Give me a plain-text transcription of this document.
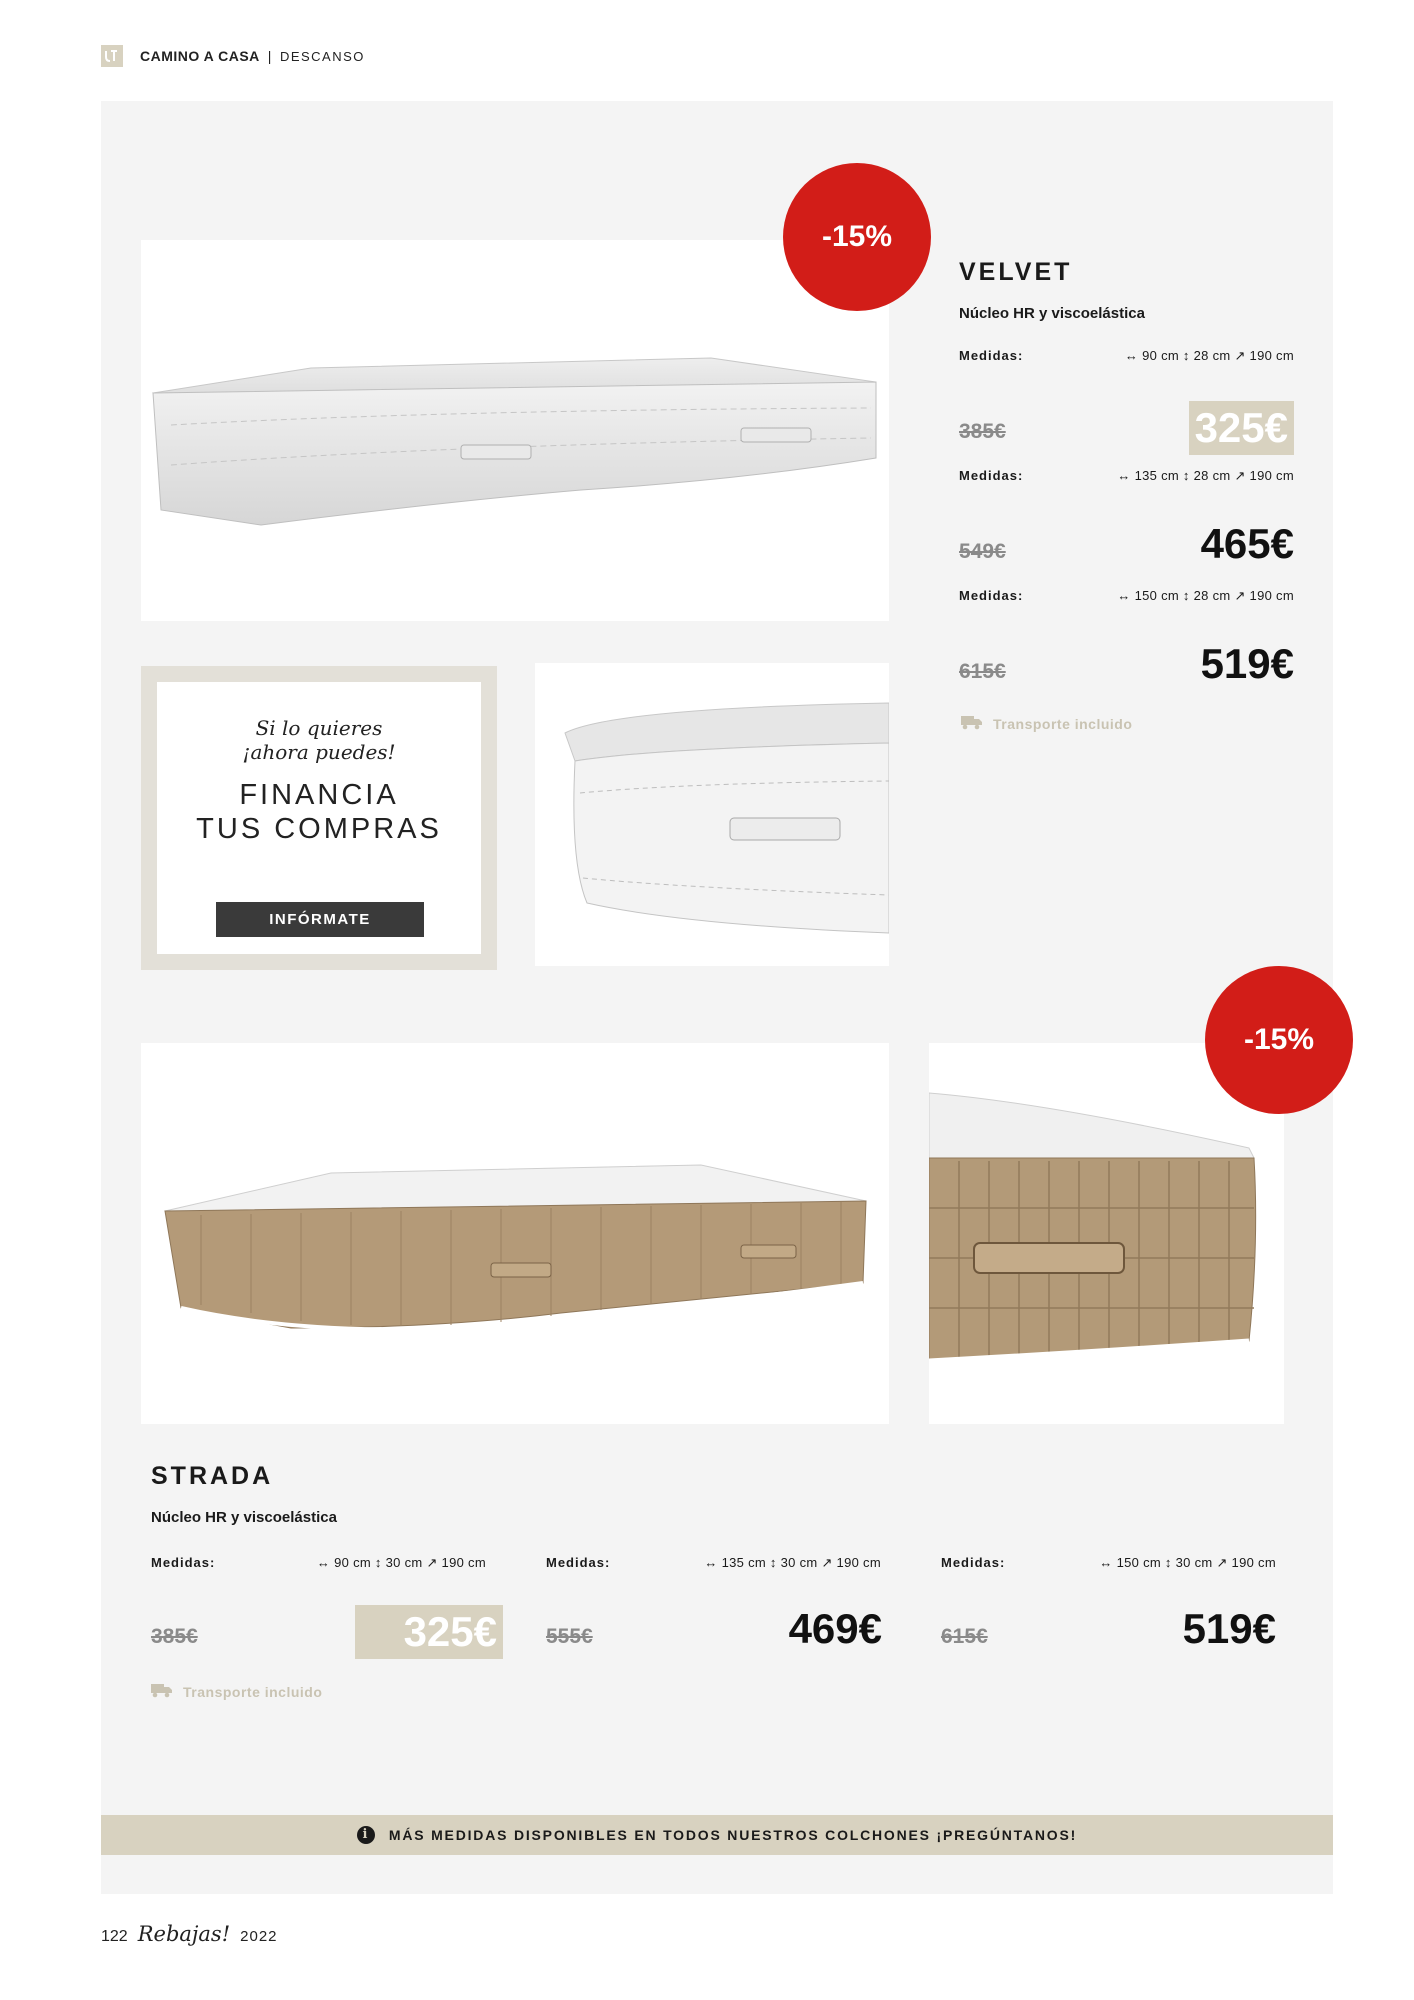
CAMINO A CASA | DESCANSO
-15%
VELVET
Núcleo HR y viscoelástica
Medidas:	↔ 90 cm ↕ 28 cm ↗ 190 cm
385€	325€
Medidas:	↔ 135 cm ↕ 28 cm ↗ 190 cm
549€	465€
Medidas:	↔ 150 cm ↕ 28 cm ↗ 190 cm
615€	519€
Transporte incluido
Si lo quieres
¡ahora puedes!
FINANCIA
TUS COMPRAS
INFÓRMATE
-15%
STRADA
Núcleo HR y viscoelástica
Medidas:	↔ 90 cm ↕ 30 cm ↗ 190 cm
385€	325€
Medidas:	↔ 135 cm ↕ 30 cm ↗ 190 cm
555€	469€
Medidas:	↔ 150 cm ↕ 30 cm ↗ 190 cm
615€	519€
Transporte incluido
i	MÁS MEDIDAS DISPONIBLES EN TODOS NUESTROS COLCHONES ¡PREGÚNTANOS!
122 Rebajas! 2022
